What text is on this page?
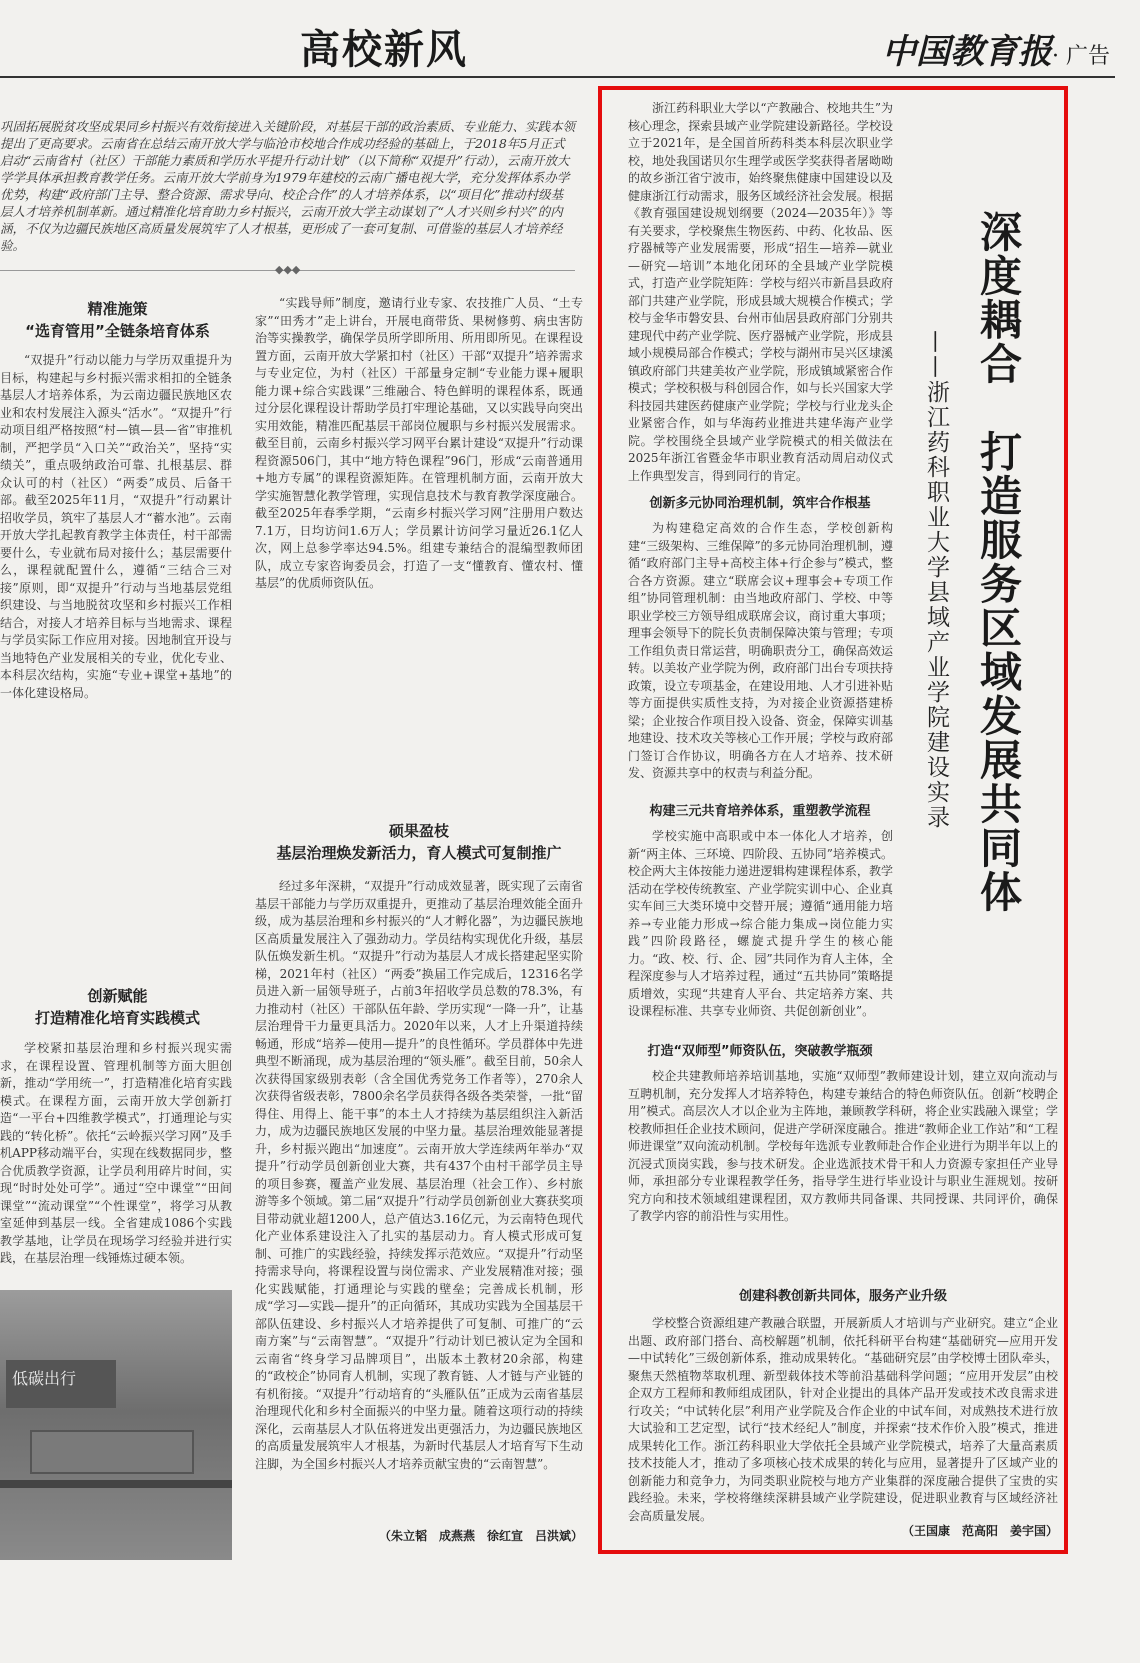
高校新风	中国教育报· 广告
巩固拓展脱贫攻坚成果同乡村振兴有效衔接进入关键阶段，对基层干部的政治素质、专业能力、实践本领提出了更高要求。云南省在总结云南开放大学与临沧市校地合作成功经验的基础上，于2018年5月正式启动“云南省村（社区）干部能力素质和学历水平提升行动计划”（以下简称“双提升”行动），云南开放大学学具体承担教育教学任务。云南开放大学前身为1979年建校的云南广播电视大学，充分发挥体系办学优势，构建“政府部门主导、整合资源、需求导向、校企合作”的人才培养体系，以“项目化”推动村级基层人才培养机制革新。通过精准化培育助力乡村振兴，云南开放大学主动谋划了“人才兴则乡村兴”的内涵，不仅为边疆民族地区高质量发展筑牢了人才根基，更形成了一套可复制、可借鉴的基层人才培养经验。
◆◆◆
精准施策
“选育管用”全链条培育体系

“双提升”行动以能力与学历双重提升为目标，构建起与乡村振兴需求相扣的全链条基层人才培养体系，为云南边疆民族地区农业和农村发展注入源头“活水”。“双提升”行动项目组严格按照“村—镇—县—省”审推机制，严把学员“入口关”“政治关”，坚持“实绩关”，重点吸纳政治可靠、扎根基层、群众认可的村（社区）“两委”成员、后备干部。截至2025年11月，“双提升”行动累计招收学员，筑牢了基层人才“蓄水池”。云南开放大学扎起教育教学主体责任，村干部需要什么，专业就布局对接什么；基层需要什么，课程就配置什么，遵循“三结合三对接”原则，即“双提升”行动与当地基层党组织建设、与当地脱贫攻坚和乡村振兴工作相结合，对接人才培养目标与当地需求、课程与学员实际工作应用对接。因地制宜开设与当地特色产业发展相关的专业，优化专业、本科层次结构，实施“专业+课堂+基地”的一体化建设格局。

创新赋能
打造精准化培育实践模式

学校紧扣基层治理和乡村振兴现实需求，在课程设置、管理机制等方面大胆创新，推动“学用统一”，打造精准化培育实践模式。在课程方面，云南开放大学创新打造“一平台+四维教学模式”，打通理论与实践的“转化桥”。依托“云岭振兴学习网”及手机APP移动端平台，实现在线数据同步，整合优质教学资源，让学员利用碎片时间，实现“时时处处可学”。通过“空中课堂”“田间课堂”“流动课堂”“个性课堂”，将学习从教室延伸到基层一线。全省建成1086个实践教学基地，让学员在现场学习经验并进行实践，在基层治理一线锤炼过硬本领。

低碳出行

“实践导师”制度，邀请行业专家、农技推广人员、“土专家”“田秀才”走上讲台，开展电商带货、果树修剪、病虫害防治等实操教学，确保学员所学即所用、所用即所见。在课程设置方面，云南开放大学紧扣村（社区）干部“双提升”培养需求与专业定位，为村（社区）干部量身定制“专业能力课+履职能力课+综合实践课”三维融合、特色鲜明的课程体系，既通过分层化课程设计帮助学员打牢理论基础，又以实践导向突出实用效能，精准匹配基层干部岗位履职与乡村振兴发展需求。截至目前，云南乡村振兴学习网平台累计建设“双提升”行动课程资源506门，其中“地方特色课程”96门，形成“云南普通用+地方专属”的课程资源矩阵。在管理机制方面，云南开放大学实施智慧化教学管理，实现信息技术与教育教学深度融合。截至2025年春季学期，“云南乡村振兴学习网”注册用户数达7.1万，日均访问1.6万人；学员累计访问学习量近26.1亿人次，网上总参学率达94.5%。组建专兼结合的混编型教师团队，成立专家咨询委员会，打造了一支“懂教育、懂农村、懂基层”的优质师资队伍。

硕果盈枝
基层治理焕发新活力，育人模式可复制推广

经过多年深耕，“双提升”行动成效显著，既实现了云南省基层干部能力与学历双重提升，更推动了基层治理效能全面升级，成为基层治理和乡村振兴的“人才孵化器”，为边疆民族地区高质量发展注入了强劲动力。学员结构实现优化升级，基层队伍焕发新生机。“双提升”行动为基层人才成长搭建起坚实阶梯，2021年村（社区）“两委”换届工作完成后，12316名学员进入新一届领导班子，占前3年招收学员总数的78.3%，有力推动村（社区）干部队伍年龄、学历实现“一降一升”，让基层治理骨干力量更具活力。2020年以来，人才上升渠道持续畅通，形成“培养—使用—提升”的良性循环。学员群体中先进典型不断涌现，成为基层治理的“领头雁”。截至目前，50余人次获得国家级别表彰（含全国优秀党务工作者等），270余人次获得省级表彰，7800余名学员获得各级各类荣誉，一批“留得住、用得上、能干事”的本土人才持续为基层组织注入新活力，成为边疆民族地区发展的中坚力量。基层治理效能显著提升，乡村振兴跑出“加速度”。云南开放大学连续两年举办“双提升”行动学员创新创业大赛，共有437个由村干部学员主导的项目参赛，覆盖产业发展、基层治理（社会工作）、乡村旅游等多个领域。第二届“双提升”行动学员创新创业大赛获奖项目带动就业超1200人，总产值达3.16亿元，为云南特色现代化产业体系建设注入了扎实的基层动力。育人模式形成可复制、可推广的实践经验，持续发挥示范效应。“双提升”行动坚持需求导向，将课程设置与岗位需求、产业发展精准对接；强化实践赋能，打通理论与实践的壁垒；完善成长机制，形成“学习—实践—提升”的正向循环，其成功实践为全国基层干部队伍建设、乡村振兴人才培养提供了可复制、可推广的“云南方案”与“云南智慧”。“双提升”行动计划已被认定为全国和云南省“终身学习品牌项目”，出版本土教材20余部，构建的“政校企”协同育人机制，实现了教育链、人才链与产业链的有机衔接。“双提升”行动培育的“头雁队伍”正成为云南省基层治理现代化和乡村全面振兴的中坚力量。随着这项行动的持续深化，云南基层人才队伍将迸发出更强活力，为边疆民族地区的高质量发展筑牢人才根基，为新时代基层人才培育写下生动注脚，为全国乡村振兴人才培养贡献宝贵的“云南智慧”。

（朱立韬　成燕燕　徐红宣　吕洪斌）
深度耦合　打造服务区域发展共同体
——浙江药科职业大学县域产业学院建设实录

浙江药科职业大学以“产教融合、校地共生”为核心理念，探索县域产业学院建设新路径。学校设立于2021年，是全国首所药科类本科层次职业学校，地处我国诺贝尔生理学或医学奖获得者屠呦呦的故乡浙江省宁波市，始终聚焦健康中国建设以及健康浙江行动需求，服务区域经济社会发展。根据《教育强国建设规划纲要（2024—2035年）》等有关要求，学校聚焦生物医药、中药、化妆品、医疗器械等产业发展需要，形成“招生—培养—就业—研究—培训”本地化闭环的全县域产业学院模式，打造产业学院矩阵：学校与绍兴市新昌县政府部门共建产业学院，形成县域大规模合作模式；学校与金华市磐安县、台州市仙居县政府部门分别共建现代中药产业学院、医疗器械产业学院，形成县域小规模局部合作模式；学校与湖州市吴兴区埭溪镇政府部门共建美妆产业学院，形成镇域紧密合作模式；学校积极与科创园合作，如与长兴国家大学科技园共建医药健康产业学院；学校与行业龙头企业紧密合作，如与华海药业推进共建华海产业学院。学校围绕全县域产业学院模式的相关做法在2025年浙江省暨金华市职业教育活动周启动仪式上作典型发言，得到同行的肯定。

创新多元协同治理机制，筑牢合作根基

为构建稳定高效的合作生态，学校创新构建“三级架构、三维保障”的多元协同治理机制，遵循“政府部门主导+高校主体+行企参与”模式，整合各方资源。建立“联席会议+理事会+专项工作组”协同管理机制：由当地政府部门、学校、中等职业学校三方领导组成联席会议，商讨重大事项；理事会领导下的院长负责制保障决策与管理；专项工作组负责日常运营，明确职责分工，确保高效运转。以美妆产业学院为例，政府部门出台专项扶持政策，设立专项基金，在建设用地、人才引进补贴等方面提供实质性支持，为对接企业资源搭建桥梁；企业按合作项目投入设备、资金，保障实训基地建设、技术攻关等核心工作开展；学校与政府部门签订合作协议，明确各方在人才培养、技术研发、资源共享中的权责与利益分配。

构建三元共育培养体系，重塑教学流程

学校实施中高职或中本一体化人才培养，创新“两主体、三环境、四阶段、五协同”培养模式。校企两大主体按能力递进逻辑构建课程体系，教学活动在学校传统教室、产业学院实训中心、企业真实车间三大类环境中交替开展；遵循“通用能力培养→专业能力形成→综合能力集成→岗位能力实践”四阶段路径，螺旋式提升学生的核心能力。“政、校、行、企、园”共同作为育人主体，全程深度参与人才培养过程，通过“五共协同”策略提质增效，实现“共建育人平台、共定培养方案、共设课程标准、共享专业师资、共促创新创业”。

打造“双师型”师资队伍，突破教学瓶颈

校企共建教师培养培训基地，实施“双师型”教师建设计划，建立双向流动与互聘机制，充分发挥人才培养特色，构建专兼结合的特色师资队伍。创新“校聘企用”模式。高层次人才以企业为主阵地，兼顾教学科研，将企业实践融入课堂；学校教师担任企业技术顾问，促进产学研深度融合。推进“教师企业工作站”和“工程师进课堂”双向流动机制。学校每年选派专业教师赴合作企业进行为期半年以上的沉浸式顶岗实践，参与技术研发。企业选派技术骨干和人力资源专家担任产业导师，承担部分专业课程教学任务，指导学生进行毕业设计与职业生涯规划。按研究方向和技术领域组建课程团，双方教师共同备课、共同授课、共同评价，确保了教学内容的前沿性与实用性。

创建科教创新共同体，服务产业升级

学校整合资源组建产教融合联盟，开展新质人才培训与产业研究。建立“企业出题、政府部门搭台、高校解题”机制，依托科研平台构建“基础研究—应用开发—中试转化”三级创新体系，推动成果转化。“基础研究层”由学校博士团队牵头，聚焦天然植物萃取机理、新型载体技术等前沿基础科学问题；“应用开发层”由校企双方工程师和教师组成团队，针对企业提出的具体产品开发或技术改良需求进行攻关；“中试转化层”利用产业学院及合作企业的中试车间，对成熟技术进行放大试验和工艺定型，试行“技术经纪人”制度，并探索“技术作价入股”模式，推进成果转化工作。浙江药科职业大学依托全县域产业学院模式，培养了大量高素质技术技能人才，推动了多项核心技术成果的转化与应用，显著提升了区域产业的创新能力和竞争力，为同类职业院校与地方产业集群的深度融合提供了宝贵的实践经验。未来，学校将继续深耕县域产业学院建设，促进职业教育与区域经济社会高质量发展。

（王国康　范高阳　姜宇国）
